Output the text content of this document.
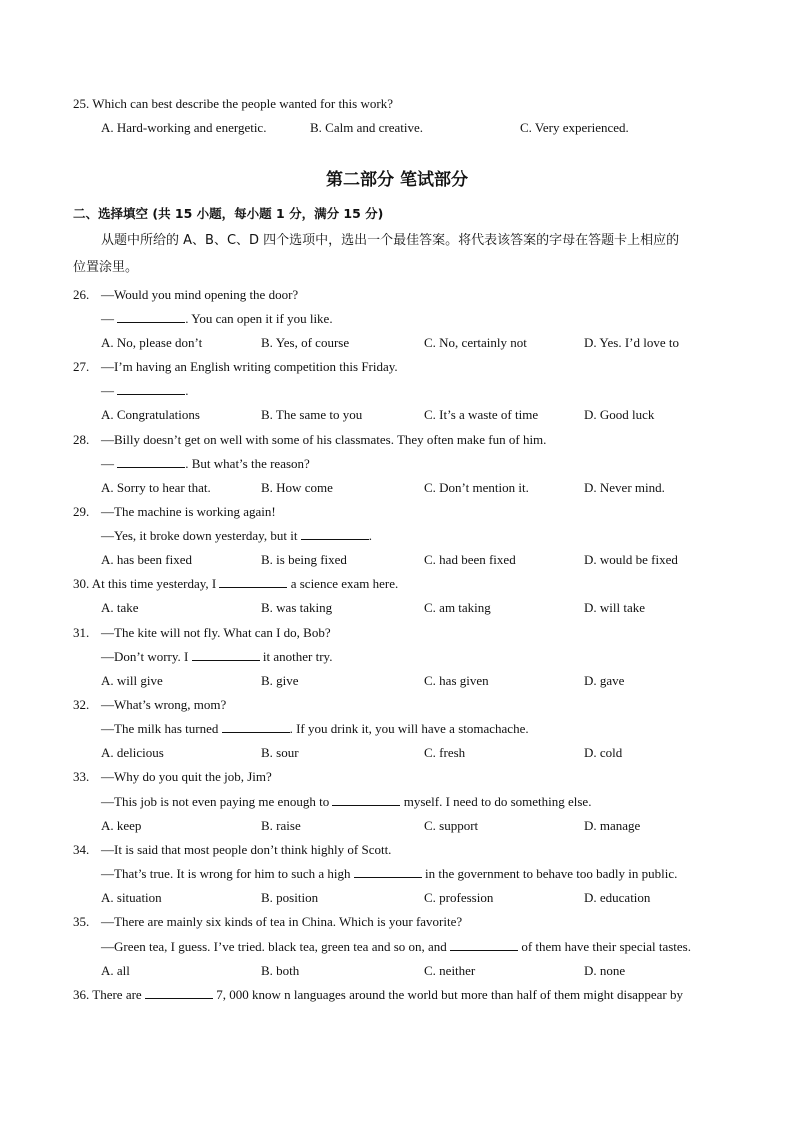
25. Which can best describe the people wanted for this work?
A. Hard-working and energetic.	B. Calm and creative.	C. Very experienced.
第二部分 笔试部分
二、选择填空 (共 15 小题，每小题 1 分，满分 15 分)
从题中所给的 A、B、C、D 四个选项中，选出一个最佳答案。将代表该答案的字母在答题卡上相应的
位置涂里。
26. —Would you mind opening the door?
—	. You can open it if you like.
A. No, please don’t	B. Yes, of course	C. No, certainly not	D. Yes. I’d love to
27. —I’m having an English writing competition this Friday.
—	.
A. Congratulations	B. The same to you	C. It’s a waste of time	D. Good luck
28. —Billy doesn’t get on well with some of his classmates. They often make fun of him.
—	. But what’s the reason?
A. Sorry to hear that.	B. How come	C. Don’t mention it.	D. Never mind.
29. —The machine is working again!
—Yes, it broke down yesterday, but it	.
A. has been fixed	B. is being fixed	C. had been fixed	D. would be fixed
30. At this time yesterday, I	a science exam here.
A. take	B. was taking	C. am taking	D. will take
31. —The kite will not fly. What can I do, Bob?
—Don’t worry. I	it another try.
A. will give	B. give	C. has given	D. gave
32. —What’s wrong, mom?
—The milk has turned	. If you drink it, you will have a stomachache.
A. delicious	B. sour	C. fresh	D. cold
33. —Why do you quit the job, Jim?
—This job is not even paying me enough to	myself. I need to do something else.
A. keep	B. raise	C. support	D. manage
34. —It is said that most people don’t think highly of Scott.
—That’s true. It is wrong for him to such a high	in the government to behave too badly in public.
A. situation	B. position	C. profession	D. education
35. —There are mainly six kinds of tea in China. Which is your favorite?
—Green tea, I guess. I’ve tried. black tea, green tea and so on, and	of them have their special tastes.
A. all	B. both	C. neither	D. none
36. There are	7, 000 know n languages around the world but more than half of them might disappear by
